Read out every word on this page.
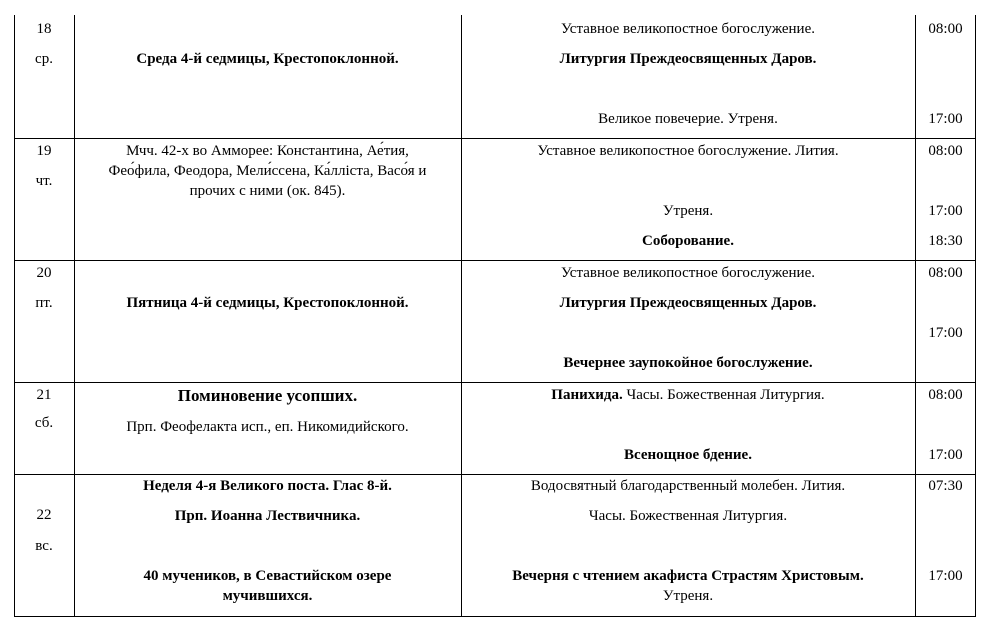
18
ср.	Среда 4-й седмицы, Крестопоклонной.
Уставное великопостное богослужение.
Литургия Преждеосвященных Даров.
Великое повечерие. Утреня.
08:00
17:00
19
чт.
Мчч. 42-х во Амморее: Константина, Ае́тия,
Фео́фила, Феодора, Мели́ссена, Ка́лліста, Васо́я и
прочих с ними (ок. 845).
Уставное великопостное богослужение. Лития.
Утреня.
Соборование.
08:00
17:00
18:30
20
пт.	Пятница 4-й седмицы, Крестопоклонной.
Уставное великопостное богослужение.
Литургия Преждеосвященных Даров.
Вечернее заупокойное богослужение.
08:00
17:00
21
сб.
Поминовение усопших.
Прп. Феофелакта исп., еп. Никомидийского.
Панихида. Часы. Божественная Литургия.
Всенощное бдение.
08:00
17:00
22
вс.
Неделя 4-я Великого поста. Глас 8-й.
Прп. Иоанна Лествичника.
40 мучеников, в Севастийском озере
мучившихся.
Водосвятный благодарственный молебен. Лития.
Часы. Божественная Литургия.
Вечерня с чтением акафиста Страстям Христовым.
Утреня.
07:30
17:00
